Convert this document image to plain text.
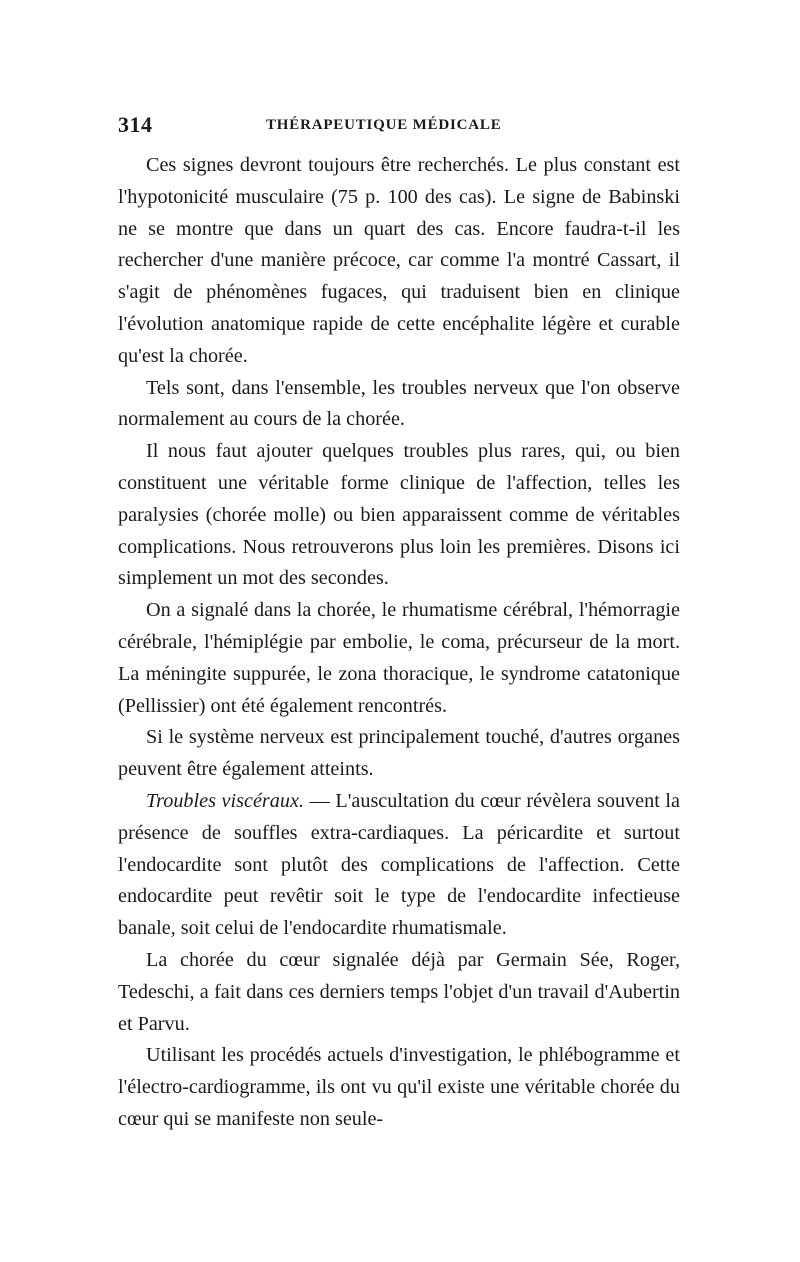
314	THÉRAPEUTIQUE MÉDICALE

Ces signes devront toujours être recherchés. Le plus constant est l'hypotonicité musculaire (75 p. 100 des cas). Le signe de Babinski ne se montre que dans un quart des cas. Encore faudra-t-il les rechercher d'une manière précoce, car comme l'a montré Cassart, il s'agit de phénomènes fugaces, qui traduisent bien en clinique l'évolution anatomique rapide de cette encéphalite légère et curable qu'est la chorée.

Tels sont, dans l'ensemble, les troubles nerveux que l'on observe normalement au cours de la chorée.

Il nous faut ajouter quelques troubles plus rares, qui, ou bien constituent une véritable forme clinique de l'affection, telles les paralysies (chorée molle) ou bien apparaissent comme de véritables complications. Nous retrouverons plus loin les premières. Disons ici simplement un mot des secondes.

On a signalé dans la chorée, le rhumatisme cérébral, l'hémorragie cérébrale, l'hémiplégie par embolie, le coma, précurseur de la mort. La méningite suppurée, le zona thoracique, le syndrome catatonique (Pellissier) ont été également rencontrés.

Si le système nerveux est principalement touché, d'autres organes peuvent être également atteints.

Troubles viscéraux. — L'auscultation du cœur révèlera souvent la présence de souffles extra-cardiaques. La péricardite et surtout l'endocardite sont plutôt des complications de l'affection. Cette endocardite peut revêtir soit le type de l'endocardite infectieuse banale, soit celui de l'endocardite rhumatismale.

La chorée du cœur signalée déjà par Germain Sée, Roger, Tedeschi, a fait dans ces derniers temps l'objet d'un travail d'Aubertin et Parvu.

Utilisant les procédés actuels d'investigation, le phlébogramme et l'électro-cardiogramme, ils ont vu qu'il existe une véritable chorée du cœur qui se manifeste non seule-
